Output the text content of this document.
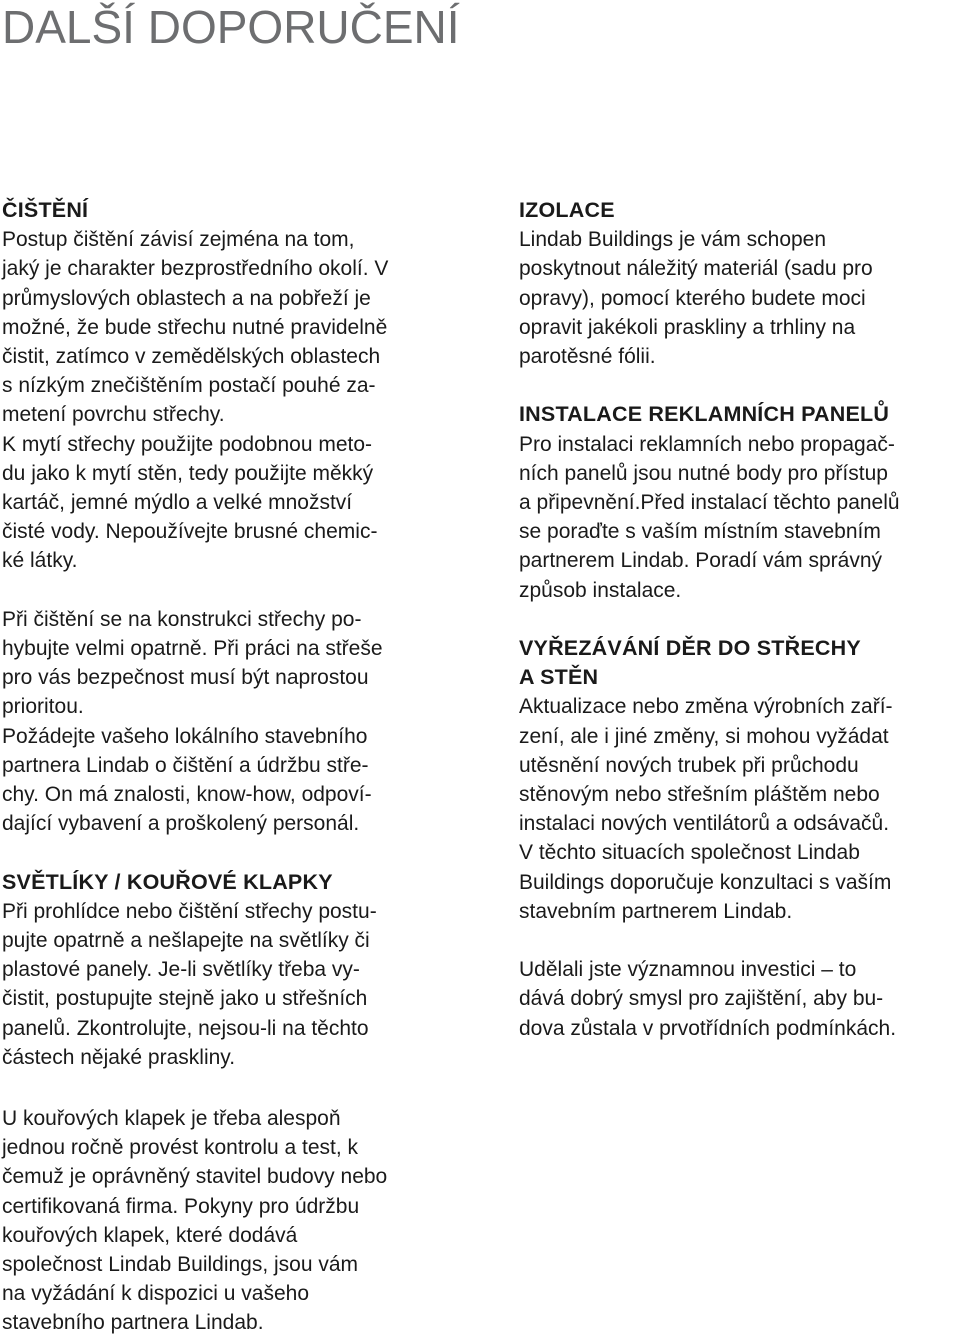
DALŠÍ DOPORUČENÍ
ČIŠTĚNÍ
Postup čištění závisí zejména na tom,
jaký je charakter bezprostředního okolí. V
průmyslových oblastech a na pobřeží je
možné, že bude střechu nutné pravidelně
čistit, zatímco v zemědělských oblastech
s nízkým znečištěním postačí pouhé za-
metení povrchu střechy.
K mytí střechy použijte podobnou meto-
du jako k mytí stěn, tedy použijte měkký
kartáč, jemné mýdlo a velké množství
čisté vody. Nepoužívejte brusné chemic-
ké látky.
Při čištění se na konstrukci střechy po-
hybujte velmi opatrně. Při práci na střeše
pro vás bezpečnost musí být naprostou
prioritou.
Požádejte vašeho lokálního stavebního
partnera Lindab o čištění a údržbu stře-
chy. On má znalosti, know-how, odpoví-
dající vybavení a proškolený personál.
SVĚTLÍKY / KOUŘOVÉ KLAPKY
Při prohlídce nebo čištění střechy postu-
pujte opatrně a nešlapejte na světlíky či
plastové panely. Je-li světlíky třeba vy-
čistit, postupujte stejně jako u střešních
panelů. Zkontrolujte, nejsou-li na těchto
částech nějaké praskliny.
U kouřových klapek je třeba alespoň
jednou ročně provést kontrolu a test, k
čemuž je oprávněný stavitel budovy nebo
certifikovaná firma. Pokyny pro údržbu
kouřových klapek, které dodává
společnost Lindab Buildings, jsou vám
na vyžádání k dispozici u vašeho
stavebního partnera Lindab.
IZOLACE
Lindab Buildings je vám schopen
poskytnout náležitý materiál (sadu pro
opravy), pomocí kterého budete moci
opravit jakékoli praskliny a trhliny na
parotěsné fólii.
INSTALACE REKLAMNÍCH PANELŮ
Pro instalaci reklamních nebo propagač-
ních panelů jsou nutné body pro přístup
a připevnění.Před instalací těchto panelů
se poraďte s vaším místním stavebním
partnerem Lindab. Poradí vám správný
způsob instalace.
VYŘEZÁVÁNÍ DĚR DO STŘECHY
A STĚN
Aktualizace nebo změna výrobních zaří-
zení, ale i jiné změny, si mohou vyžádat
utěsnění nových trubek při průchodu
stěnovým nebo střešním pláštěm nebo
instalaci nových ventilátorů a odsávačů.
V těchto situacích společnost Lindab
Buildings doporučuje konzultaci s vaším
stavebním partnerem Lindab.
Udělali jste významnou investici – to
dává dobrý smysl pro zajištění, aby bu-
dova zůstala v prvotřídních podmínkách.
